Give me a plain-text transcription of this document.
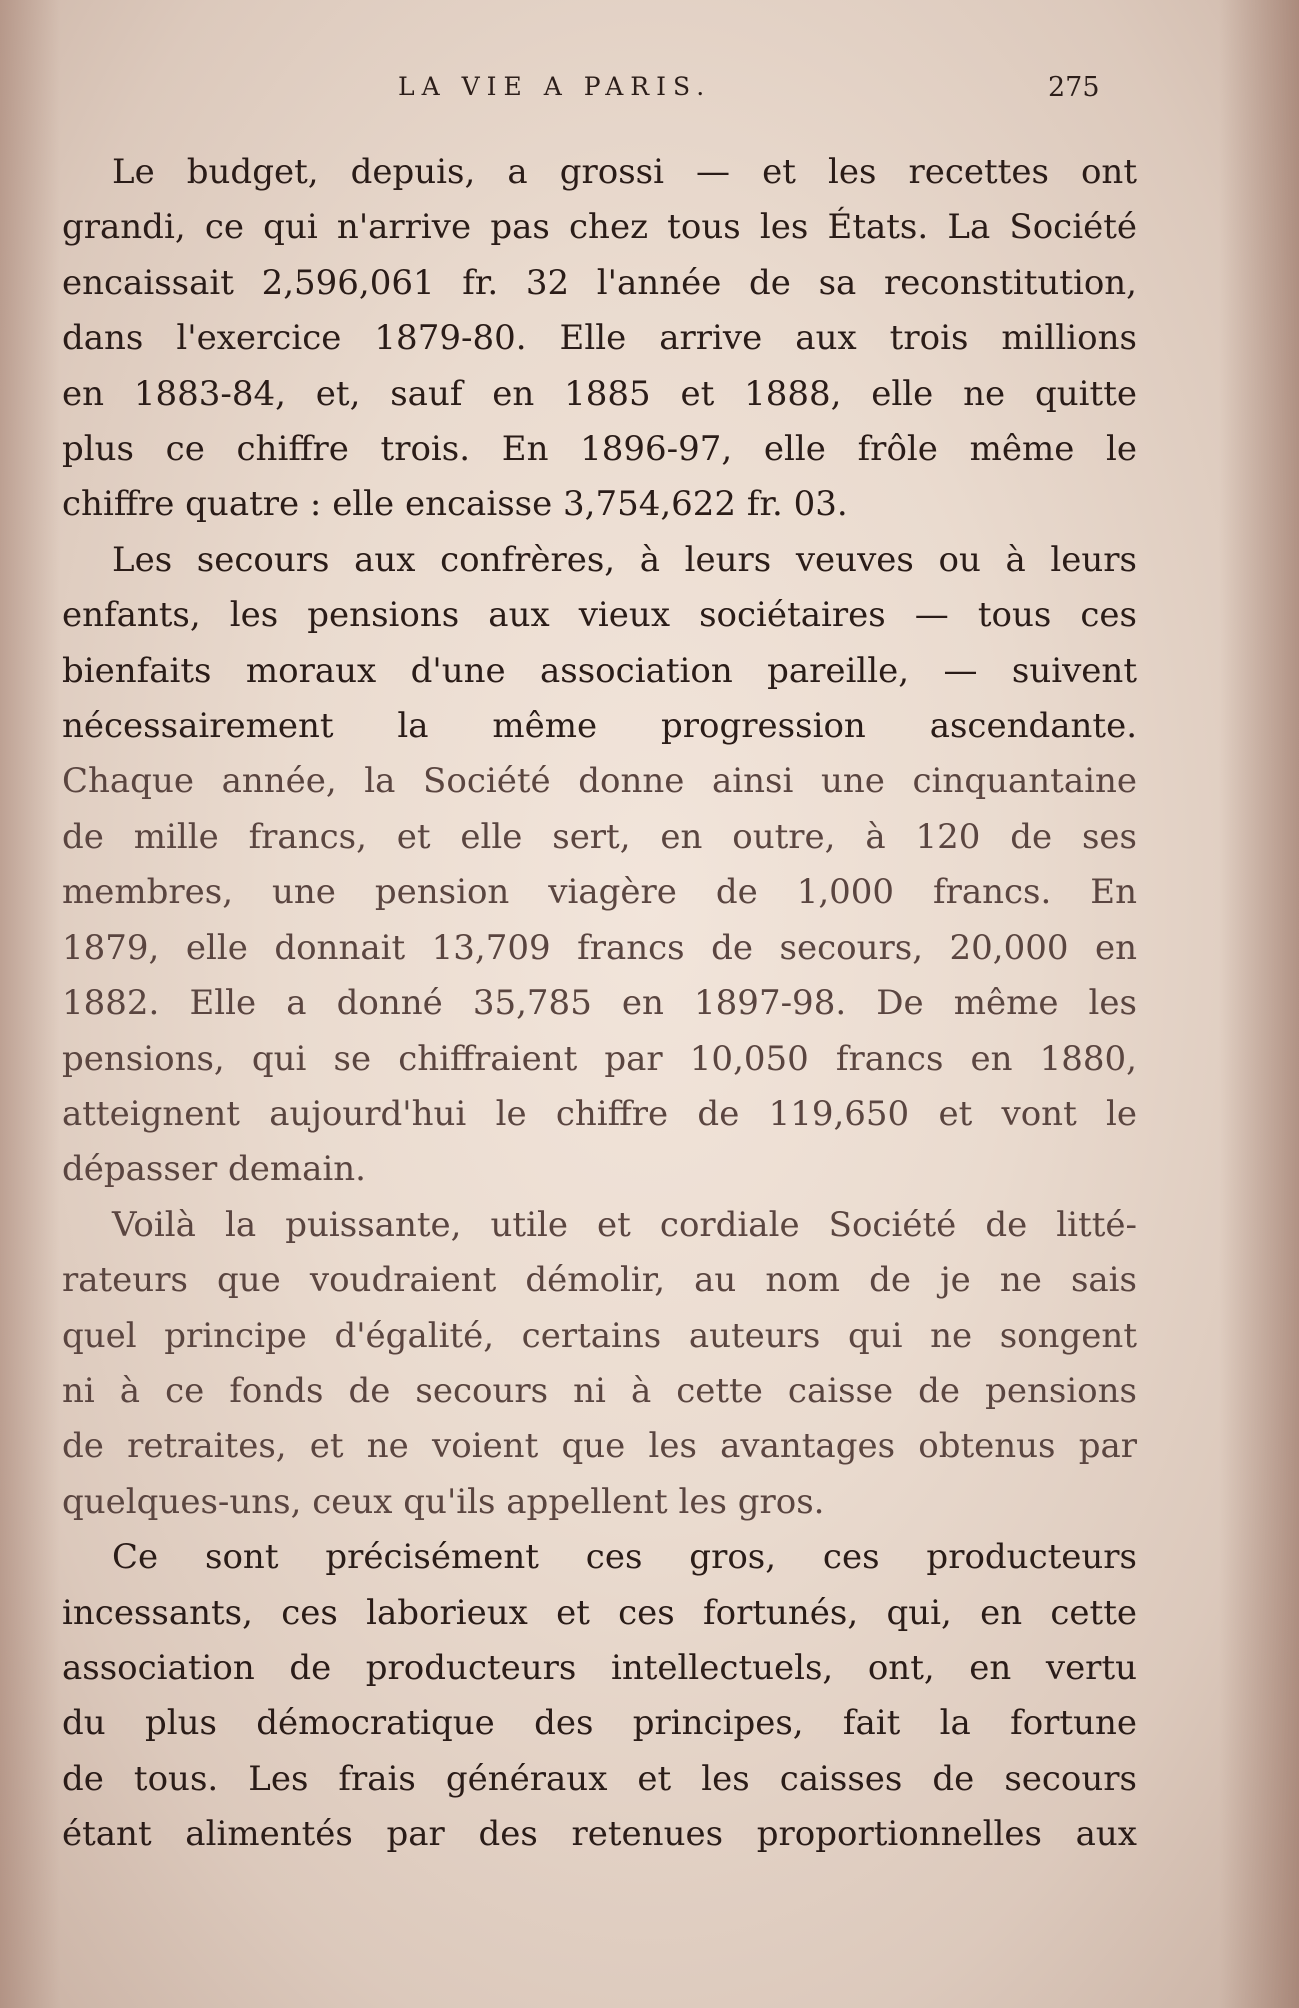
LA VIE A PARIS.	275

Le budget, depuis, a grossi — et les recettes ont
grandi, ce qui n'arrive pas chez tous les États. La Société
encaissait 2,596,061 fr. 32 l'année de sa reconstitution,
dans l'exercice 1879-80. Elle arrive aux trois millions
en 1883-84, et, sauf en 1885 et 1888, elle ne quitte
plus ce chiffre trois. En 1896-97, elle frôle même le
chiffre quatre : elle encaisse 3,754,622 fr. 03.

Les secours aux confrères, à leurs veuves ou à leurs
enfants, les pensions aux vieux sociétaires — tous ces
bienfaits moraux d'une association pareille, — suivent
nécessairement la même progression ascendante.
Chaque année, la Société donne ainsi une cinquantaine
de mille francs, et elle sert, en outre, à 120 de ses
membres, une pension viagère de 1,000 francs. En
1879, elle donnait 13,709 francs de secours, 20,000 en
1882. Elle a donné 35,785 en 1897-98. De même les
pensions, qui se chiffraient par 10,050 francs en 1880,
atteignent aujourd'hui le chiffre de 119,650 et vont le
dépasser demain.

Voilà la puissante, utile et cordiale Société de litté-
rateurs que voudraient démolir, au nom de je ne sais
quel principe d'égalité, certains auteurs qui ne songent
ni à ce fonds de secours ni à cette caisse de pensions
de retraites, et ne voient que les avantages obtenus par
quelques-uns, ceux qu'ils appellent les gros.

Ce sont précisément ces gros, ces producteurs
incessants, ces laborieux et ces fortunés, qui, en cette
association de producteurs intellectuels, ont, en vertu
du plus démocratique des principes, fait la fortune
de tous. Les frais généraux et les caisses de secours
étant alimentés par des retenues proportionnelles aux
